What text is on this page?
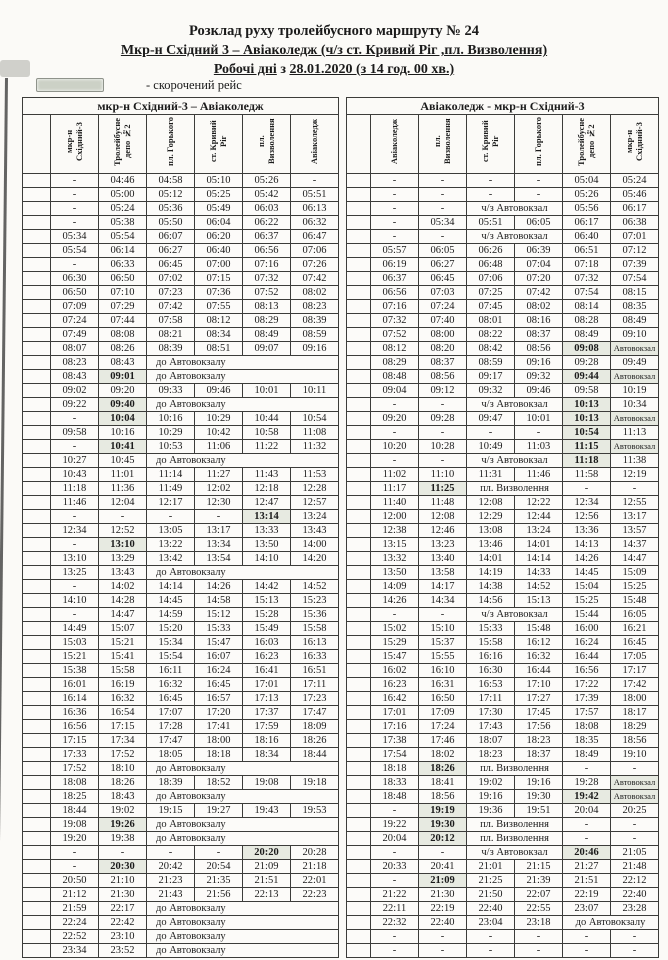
Розклад руху тролейбусного маршруту № 24
Мкр-н Східний 3 – Авіаколедж (ч/з ст. Кривий Ріг ,пл. Визволення)
Робочі дні з 28.01.2020 (з 14 год. 00 хв.)
- скорочений рейс
мкр-н Східний-3 – Авіаколедж						
	мкр-н Східний-3	Тролейбусне депо №2	пл. Горького	ст. Кривий Ріг	пл. Визволення	Авіаколедж
	-	04:46	04:58	05:10	05:26	-
	-	05:00	05:12	05:25	05:42	05:51
	-	05:24	05:36	05:49	06:03	06:13
	-	05:38	05:50	06:04	06:22	06:32
	05:34	05:54	06:07	06:20	06:37	06:47
	05:54	06:14	06:27	06:40	06:56	07:06
	-	06:33	06:45	07:00	07:16	07:26
	06:30	06:50	07:02	07:15	07:32	07:42
	06:50	07:10	07:23	07:36	07:52	08:02
	07:09	07:29	07:42	07:55	08:13	08:23
	07:24	07:44	07:58	08:12	08:29	08:39
	07:49	08:08	08:21	08:34	08:49	08:59
	08:07	08:26	08:39	08:51	09:07	09:16
	08:23	08:43	до Автовокзалу			
	08:43	09:01	до Автовокзалу			
	09:02	09:20	09:33	09:46	10:01	10:11
	09:22	09:40	до Автовокзалу			
	-	10:04	10:16	10:29	10:44	10:54
	09:58	10:16	10:29	10:42	10:58	11:08
	-	10:41	10:53	11:06	11:22	11:32
	10:27	10:45	до Автовокзалу			
	10:43	11:01	11:14	11:27	11:43	11:53
	11:18	11:36	11:49	12:02	12:18	12:28
	11:46	12:04	12:17	12:30	12:47	12:57
	-	-	-	-	13:14	13:24
	12:34	12:52	13:05	13:17	13:33	13:43
	-	13:10	13:22	13:34	13:50	14:00
	13:10	13:29	13:42	13:54	14:10	14:20
	13:25	13:43	до Автовокзалу			
	-	14:02	14:14	14:26	14:42	14:52
	14:10	14:28	14:45	14:58	15:13	15:23
	-	14:47	14:59	15:12	15:28	15:36
	14:49	15:07	15:20	15:33	15:49	15:58
	15:03	15:21	15:34	15:47	16:03	16:13
	15:21	15:41	15:54	16:07	16:23	16:33
	15:38	15:58	16:11	16:24	16:41	16:51
	16:01	16:19	16:32	16:45	17:01	17:11
	16:14	16:32	16:45	16:57	17:13	17:23
	16:36	16:54	17:07	17:20	17:37	17:47
	16:56	17:15	17:28	17:41	17:59	18:09
	17:15	17:34	17:47	18:00	18:16	18:26
	17:33	17:52	18:05	18:18	18:34	18:44
	17:52	18:10	до Автовокзалу			
	18:08	18:26	18:39	18:52	19:08	19:18
	18:25	18:43	до Автовокзалу			
	18:44	19:02	19:15	19:27	19:43	19:53
	19:08	19:26	до Автовокзалу			
	19:20	19:38	до Автовокзалу			
	-	-	-	-	20:20	20:28
	-	20:30	20:42	20:54	21:09	21:18
	20:50	21:10	21:23	21:35	21:51	22:01
	21:12	21:30	21:43	21:56	22:13	22:23
	21:59	22:17	до Автовокзалу			
	22:24	22:42	до Автовокзалу			
	22:52	23:10	до Автовокзалу			
	23:34	23:52	до Автовокзалу			
Авіаколедж - мкр-н Східний-3						
	Авіаколедж	пл. Визволення	ст. Кривий Ріг	пл. Горького	Тролейбусне депо №2	мкр-н Східний-3
	-	-	-	-	05:04	05:24
	-	-	-	-	05:26	05:46
	-	-	ч/з Автовокзал		05:56	06:17
	-	05:34	05:51	06:05	06:17	06:38
	-	-	ч/з Автовокзал		06:40	07:01
	05:57	06:05	06:26	06:39	06:51	07:12
	06:19	06:27	06:48	07:04	07:18	07:39
	06:37	06:45	07:06	07:20	07:32	07:54
	06:56	07:03	07:25	07:42	07:54	08:15
	07:16	07:24	07:45	08:02	08:14	08:35
	07:32	07:40	08:01	08:16	08:28	08:49
	07:52	08:00	08:22	08:37	08:49	09:10
	08:12	08:20	08:42	08:56	09:08	Автовокзал
	08:29	08:37	08:59	09:16	09:28	09:49
	08:48	08:56	09:17	09:32	09:44	Автовокзал
	09:04	09:12	09:32	09:46	09:58	10:19
	-	-	ч/з Автовокзал		10:13	10:34
	09:20	09:28	09:47	10:01	10:13	Автовокзал
	-	-	-	-	10:54	11:13
	10:20	10:28	10:49	11:03	11:15	Автовокзал
	-	-	ч/з Автовокзал		11:18	11:38
	11:02	11:10	11:31	11:46	11:58	12:19
	11:17	11:25	пл. Визволення		-	-
	11:40	11:48	12:08	12:22	12:34	12:55
	12:00	12:08	12:29	12:44	12:56	13:17
	12:38	12:46	13:08	13:24	13:36	13:57
	13:15	13:23	13:46	14:01	14:13	14:37
	13:32	13:40	14:01	14:14	14:26	14:47
	13:50	13:58	14:19	14:33	14:45	15:09
	14:09	14:17	14:38	14:52	15:04	15:25
	14:26	14:34	14:56	15:13	15:25	15:48
	-	-	ч/з Автовокзал		15:44	16:05
	15:02	15:10	15:33	15:48	16:00	16:21
	15:29	15:37	15:58	16:12	16:24	16:45
	15:47	15:55	16:16	16:32	16:44	17:05
	16:02	16:10	16:30	16:44	16:56	17:17
	16:23	16:31	16:53	17:10	17:22	17:42
	16:42	16:50	17:11	17:27	17:39	18:00
	17:01	17:09	17:30	17:45	17:57	18:17
	17:16	17:24	17:43	17:56	18:08	18:29
	17:38	17:46	18:07	18:23	18:35	18:56
	17:54	18:02	18:23	18:37	18:49	19:10
	18:18	18:26	пл. Визволення		-	-
	18:33	18:41	19:02	19:16	19:28	Автовокзал
	18:48	18:56	19:16	19:30	19:42	Автовокзал
	-	19:19	19:36	19:51	20:04	20:25
	19:22	19:30	пл. Визволення		-	-
	20:04	20:12	пл. Визволення		-	-
	-	-	ч/з Автовокзал		20:46	21:05
	20:33	20:41	21:01	21:15	21:27	21:48
	-	21:09	21:25	21:39	21:51	22:12
	21:22	21:30	21:50	22:07	22:19	22:40
	22:11	22:19	22:40	22:55	23:07	23:28
	22:32	22:40	23:04	23:18	до Автовокзалу	
	-	-	-	-	-	-
	-	-	-	-	-	-
